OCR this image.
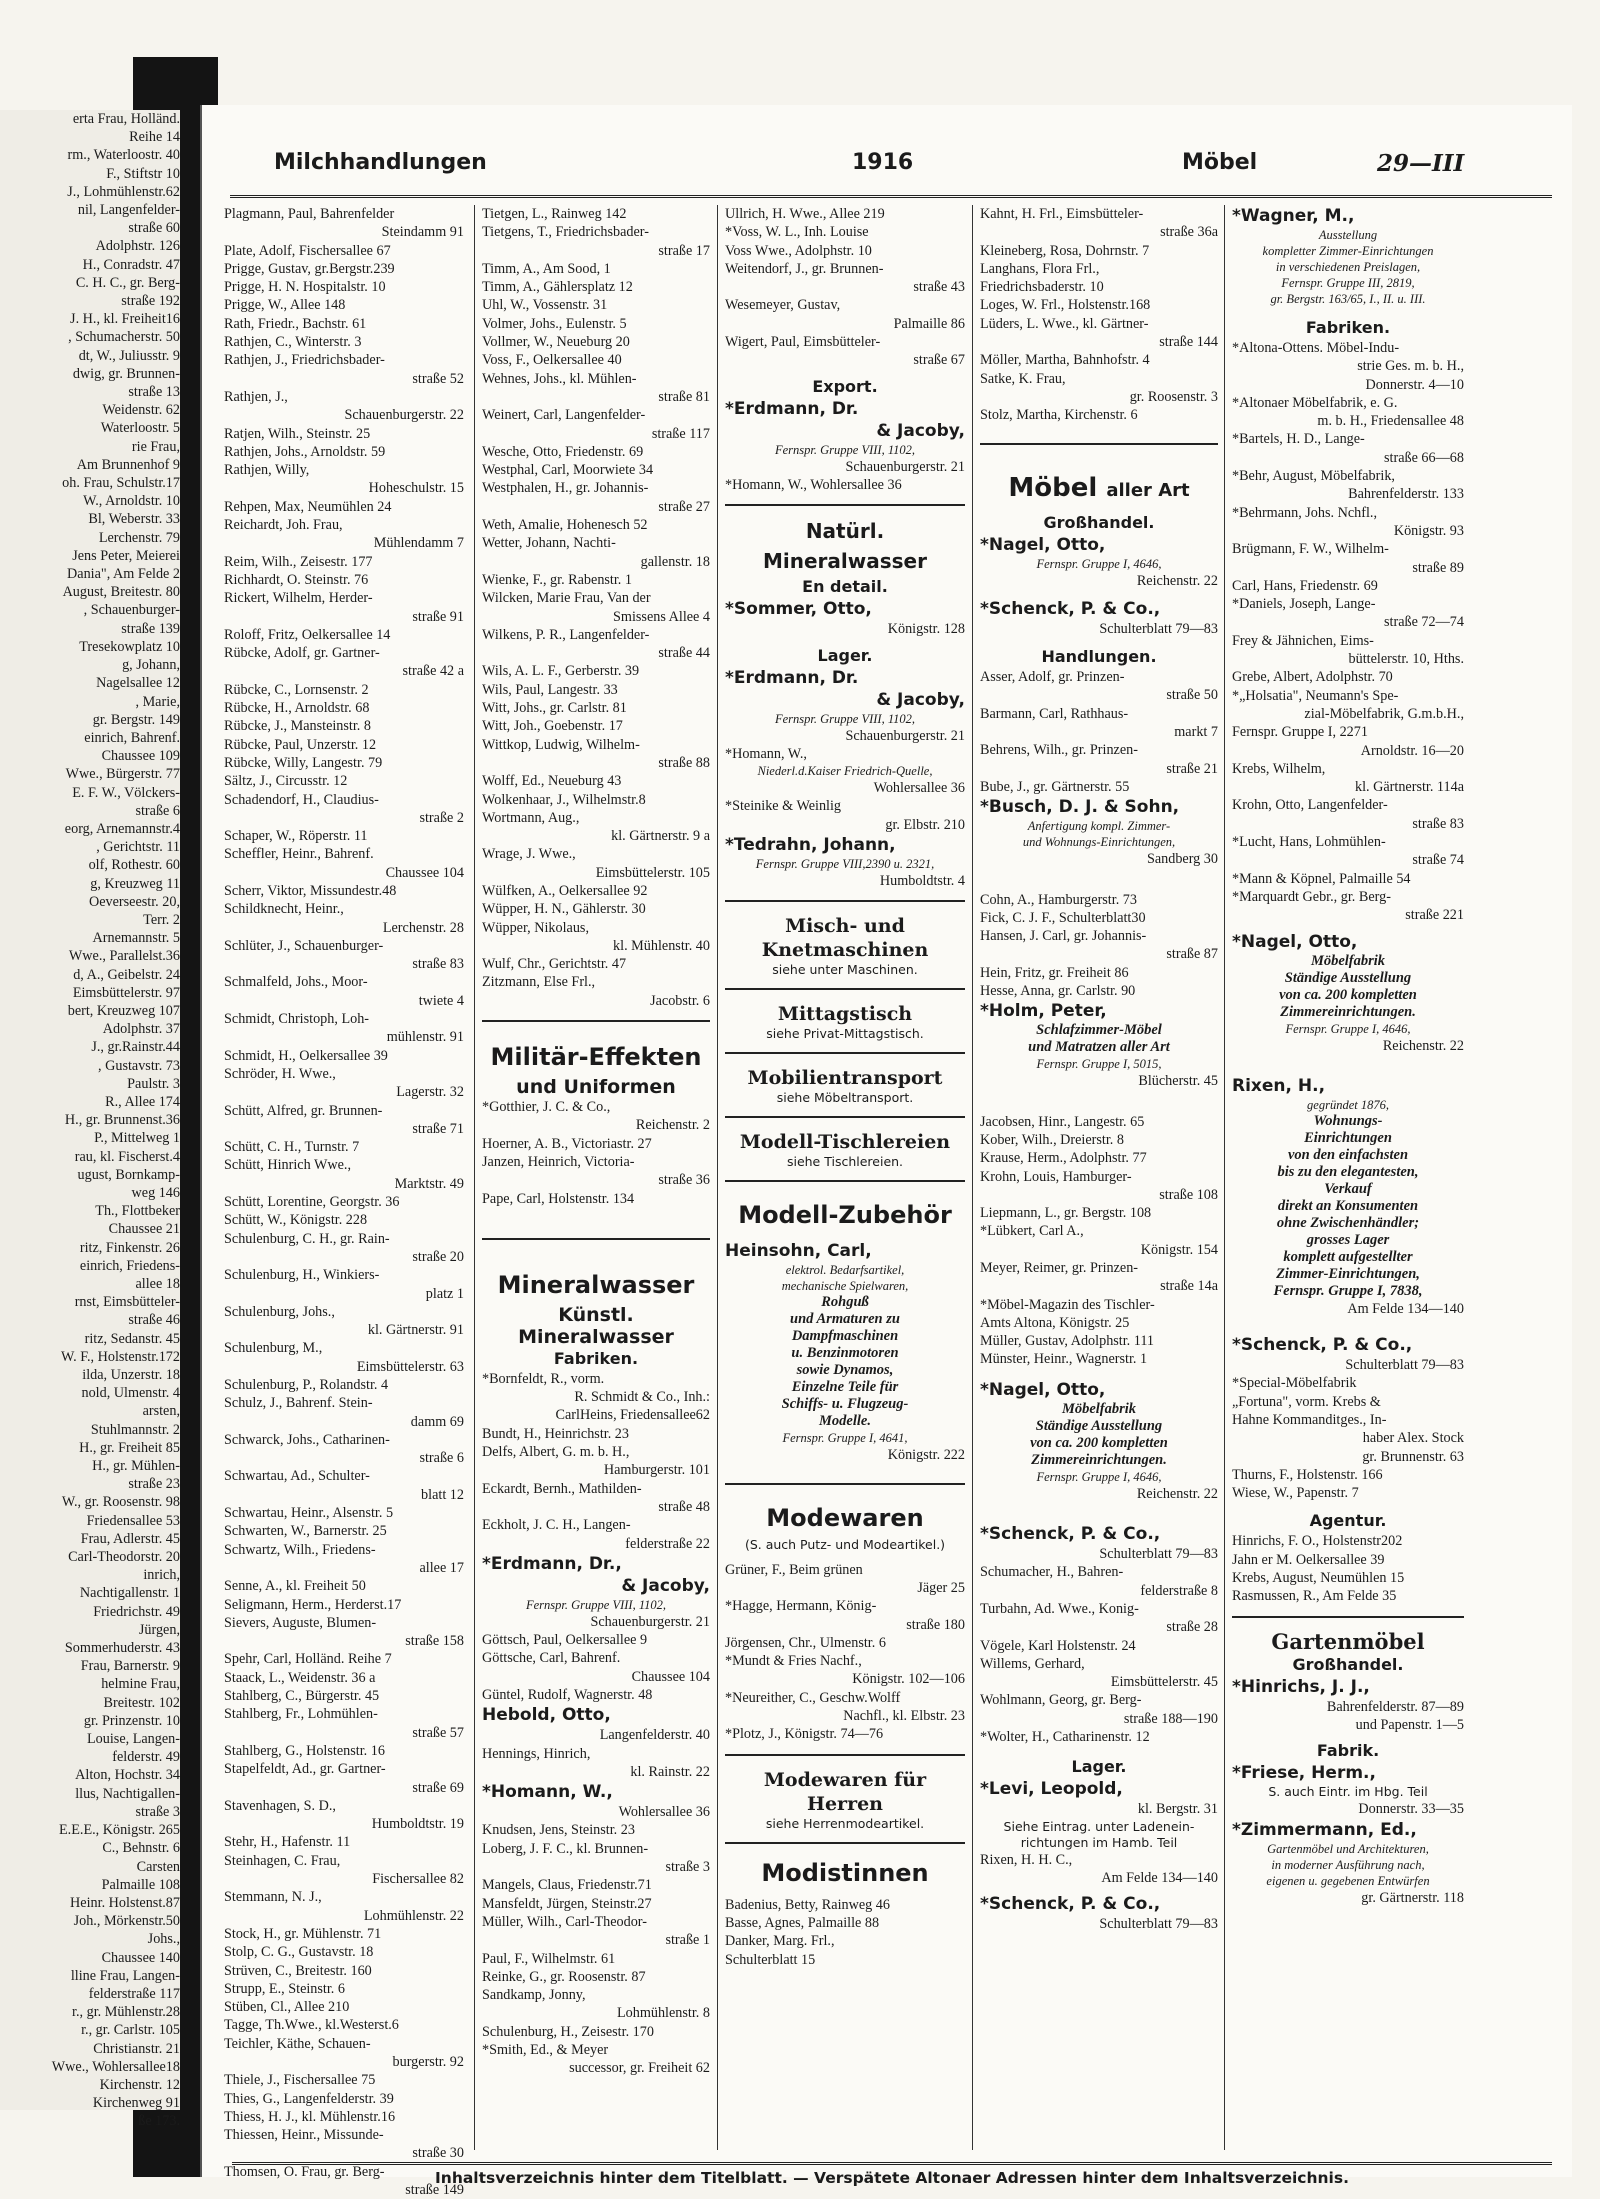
erta Frau, Holländ.
Reihe 14
rm., Waterloostr. 40
F., Stiftstr 10
J., Lohmühlenstr.62
nil, Langenfelder-
straße 60
Adolphstr. 126
H., Conradstr. 47
C. H. C., gr. Berg-
straße 192
J. H., kl. Freiheit16
, Schumacherstr. 50
dt, W., Juliusstr. 9
dwig, gr. Brunnen-
straße 13
Weidenstr. 62
Waterloostr. 5
rie Frau,
Am Brunnenhof 9
oh. Frau, Schulstr.17
W., Arnoldstr. 10
Bl, Weberstr. 33
Lerchenstr. 79
Jens Peter, Meierei
Dania", Am Felde 2
August, Breitestr. 80
, Schauenburger-
straße 139
Tresekowplatz 10
g, Johann,
Nagelsallee 12
, Marie,
gr. Bergstr. 149
einrich, Bahrenf.
Chaussee 109
Wwe., Bürgerstr. 77
E. F. W., Völckers-
straße 6
eorg, Arnemannstr.4
, Gerichtstr. 11
olf, Rothestr. 60
g, Kreuzweg 11
Oeverseestr. 20,
Terr. 2
Arnemannstr. 5
Wwe., Parallelst.36
d, A., Geibelstr. 24
Eimsbüttelerstr. 97
bert, Kreuzweg 107
Adolphstr. 37
J., gr.Rainstr.44
, Gustavstr. 73
Paulstr. 3
R., Allee 174
H., gr. Brunnenst.36
P., Mittelweg 1
rau, kl. Fischerst.4
ugust, Bornkamp-
weg 146
Th., Flottbeker
Chaussee 21
ritz, Finkenstr. 26
einrich, Friedens-
allee 18
rnst, Eimsbütteler-
straße 46
ritz, Sedanstr. 45
W. F., Holstenstr.172
ilda, Unzerstr. 18
nold, Ulmenstr. 4
arsten,
Stuhlmannstr. 2
H., gr. Freiheit 85
H., gr. Mühlen-
straße 23
W., gr. Roosenstr. 98
Friedensallee 53
Frau, Adlerstr. 45
Carl-Theodorstr. 20
inrich,
Nachtigallenstr. 1
Friedrichstr. 49
Jürgen,
Sommerhuderstr. 43
Frau, Barnerstr. 9
helmine Frau,
Breitestr. 102
gr. Prinzenstr. 10
Louise, Langen-
felderstr. 49
Alton, Hochstr. 34
llus, Nachtigallen-
straße 3
E.E.E., Königstr. 265
C., Behnstr. 6
Carsten
Palmaille 108
Heinr. Holstenst.87
Joh., Mörkenstr.50
Johs.,
Chaussee 140
lline Frau, Langen-
felderstraße 117
r., gr. Mühlenstr.28
r., gr. Carlstr. 105
Christianstr. 21
Wwe., Wohlersallee18
Kirchenstr. 12
Kirchenweg 91
ße 173.
Milchhandlungen	1916	Möbel	29—III
Plagmann, Paul, Bahrenfelder
Steindamm 91
Plate, Adolf, Fischersallee 67
Prigge, Gustav, gr.Bergstr.239
Prigge, H. N. Hospitalstr. 10
Prigge, W., Allee 148
Rath, Friedr., Bachstr. 61
Rathjen, C., Winterstr. 3
Rathjen, J., Friedrichsbader-
straße 52
Rathjen, J.,
Schauenburgerstr. 22
Ratjen, Wilh., Steinstr. 25
Rathjen, Johs., Arnoldstr. 59
Rathjen, Willy,
Hoheschulstr. 15
Rehpen, Max, Neumühlen 24
Reichardt, Joh. Frau,
Mühlendamm 7
Reim, Wilh., Zeisestr. 177
Richhardt, O. Steinstr. 76
Rickert, Wilhelm, Herder-
straße 91
Roloff, Fritz, Oelkersallee 14
Rübcke, Adolf, gr. Gartner-
straße 42 a
Rübcke, C., Lornsenstr. 2
Rübcke, H., Arnoldstr. 68
Rübcke, J., Mansteinstr. 8
Rübcke, Paul, Unzerstr. 12
Rübcke, Willy, Langestr. 79
Sältz, J., Circusstr. 12
Schadendorf, H., Claudius-
straße 2
Schaper, W., Röperstr. 11
Scheffler, Heinr., Bahrenf.
Chaussee 104
Scherr, Viktor, Missundestr.48
Schildknecht, Heinr.,
Lerchenstr. 28
Schlüter, J., Schauenburger-
straße 83
Schmalfeld, Johs., Moor-
twiete 4
Schmidt, Christoph, Loh-
mühlenstr. 91
Schmidt, H., Oelkersallee 39
Schröder, H. Wwe.,
Lagerstr. 32
Schütt, Alfred, gr. Brunnen-
straße 71
Schütt, C. H., Turnstr. 7
Schütt, Hinrich Wwe.,
Marktstr. 49
Schütt, Lorentine, Georgstr. 36
Schütt, W., Königstr. 228
Schulenburg, C. H., gr. Rain-
straße 20
Schulenburg, H., Winkiers-
platz 1
Schulenburg, Johs.,
kl. Gärtnerstr. 91
Schulenburg, M.,
Eimsbüttelerstr. 63
Schulenburg, P., Rolandstr. 4
Schulz, J., Bahrenf. Stein-
damm 69
Schwarck, Johs., Catharinen-
straße 6
Schwartau, Ad., Schulter-
blatt 12
Schwartau, Heinr., Alsenstr. 5
Schwarten, W., Barnerstr. 25
Schwartz, Wilh., Friedens-
allee 17
Senne, A., kl. Freiheit 50
Seligmann, Herm., Herderst.17
Sievers, Auguste, Blumen-
straße 158
Spehr, Carl, Holländ. Reihe 7
Staack, L., Weidenstr. 36 a
Stahlberg, C., Bürgerstr. 45
Stahlberg, Fr., Lohmühlen-
straße 57
Stahlberg, G., Holstenstr. 16
Stapelfeldt, Ad., gr. Gartner-
straße 69
Stavenhagen, S. D.,
Humboldtstr. 19
Stehr, H., Hafenstr. 11
Steinhagen, C. Frau,
Fischersallee 82
Stemmann, N. J.,
Lohmühlenstr. 22
Stock, H., gr. Mühlenstr. 71
Stolp, C. G., Gustavstr. 18
Strüven, C., Breitestr. 160
Strupp, E., Steinstr. 6
Stüben, Cl., Allee 210
Tagge, Th.Wwe., kl.Westerst.6
Teichler, Käthe, Schauen-
burgerstr. 92
Thiele, J., Fischersallee 75
Thies, G., Langenfelderstr. 39
Thiess, H. J., kl. Mühlenstr.16
Thiessen, Heinr., Missunde-
straße 30
Thomsen, O. Frau, gr. Berg-
straße 149
Tietgen, L., Rainweg 142
Tietgens, T., Friedrichsbader-
straße 17
Timm, A., Am Sood, 1
Timm, A., Gählersplatz 12
Uhl, W., Vossenstr. 31
Volmer, Johs., Eulenstr. 5
Vollmer, W., Neueburg 20
Voss, F., Oelkersallee 40
Wehnes, Johs., kl. Mühlen-
straße 81
Weinert, Carl, Langenfelder-
straße 117
Wesche, Otto, Friedenstr. 69
Westphal, Carl, Moorwiete 34
Westphalen, H., gr. Johannis-
straße 27
Weth, Amalie, Hohenesch 52
Wetter, Johann, Nachti-
gallenstr. 18
Wienke, F., gr. Rabenstr. 1
Wilcken, Marie Frau, Van der
Smissens Allee 4
Wilkens, P. R., Langenfelder-
straße 44
Wils, A. L. F., Gerberstr. 39
Wils, Paul, Langestr. 33
Witt, Johs., gr. Carlstr. 81
Witt, Joh., Goebenstr. 17
Wittkop, Ludwig, Wilhelm-
straße 88
Wolff, Ed., Neueburg 43
Wolkenhaar, J., Wilhelmstr.8
Wortmann, Aug.,
kl. Gärtnerstr. 9 a
Wrage, J. Wwe.,
Eimsbüttelerstr. 105
Wülfken, A., Oelkersallee 92
Wüpper, H. N., Gählerstr. 30
Wüpper, Nikolaus,
kl. Mühlenstr. 40
Wulf, Chr., Gerichtstr. 47
Zitzmann, Else Frl.,
Jacobstr. 6
Militär-Effekten
und Uniformen
*Gotthier, J. C. & Co.,
Reichenstr. 2
Hoerner, A. B., Victoriastr. 27
Janzen, Heinrich, Victoria-
straße 36
Pape, Carl, Holstenstr. 134
Mineralwasser
Künstl. Mineralwasser
Fabriken.
*Bornfeldt, R., vorm.
R. Schmidt & Co., Inh.:
CarlHeins, Friedensallee62
Bundt, H., Heinrichstr. 23
Delfs, Albert, G. m. b. H.,
Hamburgerstr. 101
Eckardt, Bernh., Mathilden-
straße 48
Eckholt, J. C. H., Langen-
felderstraße 22
*Erdmann, Dr.,
& Jacoby,
Fernspr. Gruppe VIII, 1102,
Schauenburgerstr. 21
Göttsch, Paul, Oelkersallee 9
Göttsche, Carl, Bahrenf.
Chaussee 104
Güntel, Rudolf, Wagnerstr. 48
Hebold, Otto,
Langenfelderstr. 40
Hennings, Hinrich,
kl. Rainstr. 22
*Homann, W.,
Wohlersallee 36
Knudsen, Jens, Steinstr. 23
Loberg, J. F. C., kl. Brunnen-
straße 3
Mangels, Claus, Friedenstr.71
Mansfeldt, Jürgen, Steinstr.27
Müller, Wilh., Carl-Theodor-
straße 1
Paul, F., Wilhelmstr. 61
Reinke, G., gr. Roosenstr. 87
Sandkamp, Jonny,
Lohmühlenstr. 8
Schulenburg, H., Zeisestr. 170
*Smith, Ed., & Meyer
successor, gr. Freiheit 62
Ullrich, H. Wwe., Allee 219
*Voss, W. L., Inh. Louise
Voss Wwe., Adolphstr. 10
Weitendorf, J., gr. Brunnen-
straße 43
Wesemeyer, Gustav,
Palmaille 86
Wigert, Paul, Eimsbütteler-
straße 67
Export.
*Erdmann, Dr.
& Jacoby,
Fernspr. Gruppe VIII, 1102,
Schauenburgerstr. 21
*Homann, W., Wohlersallee 36
Natürl. Mineralwasser
En detail.
*Sommer, Otto,
Königstr. 128
Lager.
*Erdmann, Dr.
& Jacoby,
Fernspr. Gruppe VIII, 1102,
Schauenburgerstr. 21
*Homann, W.,
Niederl.d.Kaiser Friedrich-Quelle,
Wohlersallee 36
*Steinike & Weinlig
gr. Elbstr. 210
*Tedrahn, Johann,
Fernspr. Gruppe VIII,2390 u. 2321,
Humboldtstr. 4
Misch- und Knetmaschinen
siehe unter Maschinen.
Mittagstisch
siehe Privat-Mittagstisch.
Mobilientransport
siehe Möbeltransport.
Modell-Tischlereien
siehe Tischlereien.
Modell-Zubehör
Heinsohn, Carl,
elektrol. Bedarfsartikel,
mechanische Spielwaren,
Rohguß
und Armaturen zu
Dampfmaschinen
u. Benzinmotoren
sowie Dynamos,
Einzelne Teile für
Schiffs- u. Flugzeug-
Modelle.
Fernspr. Gruppe I, 4641,
Königstr. 222
Modewaren
(S. auch Putz- und Modeartikel.)
Grüner, F., Beim grünen
Jäger 25
*Hagge, Hermann, König-
straße 180
Jörgensen, Chr., Ulmenstr. 6
*Mundt & Fries Nachf.,
Königstr. 102—106
*Neureither, C., Geschw.Wolff
Nachfl., kl. Elbstr. 23
*Plotz, J., Königstr. 74—76
Modewaren für Herren
siehe Herrenmodeartikel.
Modistinnen
Badenius, Betty, Rainweg 46
Basse, Agnes, Palmaille 88
Danker, Marg. Frl.,
Schulterblatt 15
Kahnt, H. Frl., Eimsbütteler-
straße 36a
Kleineberg, Rosa, Dohrnstr. 7
Langhans, Flora Frl.,
Friedrichsbaderstr. 10
Loges, W. Frl., Holstenstr.168
Lüders, L. Wwe., kl. Gärtner-
straße 144
Möller, Martha, Bahnhofstr. 4
Satke, K. Frau,
gr. Roosenstr. 3
Stolz, Martha, Kirchenstr. 6
Möbel aller Art
Großhandel.
*Nagel, Otto,
Fernspr. Gruppe I, 4646,
Reichenstr. 22
*Schenck, P. & Co.,
Schulterblatt 79—83
Handlungen.
Asser, Adolf, gr. Prinzen-
straße 50
Barmann, Carl, Rathhaus-
markt 7
Behrens, Wilh., gr. Prinzen-
straße 21
Bube, J., gr. Gärtnerstr. 55
*Busch, D. J. & Sohn,
Anfertigung kompl. Zimmer-
und Wohnungs-Einrichtungen,
Sandberg 30
Cohn, A., Hamburgerstr. 73
Fick, C. J. F., Schulterblatt30
Hansen, J. Carl, gr. Johannis-
straße 87
Hein, Fritz, gr. Freiheit 86
Hesse, Anna, gr. Carlstr. 90
*Holm, Peter,
Schlafzimmer-Möbel
und Matratzen aller Art
Fernspr. Gruppe I, 5015,
Blücherstr. 45
Jacobsen, Hinr., Langestr. 65
Kober, Wilh., Dreierstr. 8
Krause, Herm., Adolphstr. 77
Krohn, Louis, Hamburger-
straße 108
Liepmann, L., gr. Bergstr. 108
*Lübkert, Carl A.,
Königstr. 154
Meyer, Reimer, gr. Prinzen-
straße 14a
*Möbel-Magazin des Tischler-
Amts Altona, Königstr. 25
Müller, Gustav, Adolphstr. 111
Münster, Heinr., Wagnerstr. 1
*Nagel, Otto,
Möbelfabrik
Ständige Ausstellung
von ca. 200 kompletten
Zimmereinrichtungen.
Fernspr. Gruppe I, 4646,
Reichenstr. 22
*Schenck, P. & Co.,
Schulterblatt 79—83
Schumacher, H., Bahren-
felderstraße 8
Turbahn, Ad. Wwe., Konig-
straße 28
Vögele, Karl Holstenstr. 24
Willems, Gerhard,
Eimsbüttelerstr. 45
Wohlmann, Georg, gr. Berg-
straße 188—190
*Wolter, H., Catharinenstr. 12
Lager.
*Levi, Leopold,
kl. Bergstr. 31
Siehe Eintrag. unter Ladenein-
richtungen im Hamb. Teil
Rixen, H. H. C.,
Am Felde 134—140
*Schenck, P. & Co.,
Schulterblatt 79—83
*Wagner, M.,
Ausstellung
kompletter Zimmer-Einrichtungen
in verschiedenen Preislagen,
Fernspr. Gruppe III, 2819,
gr. Bergstr. 163/65, I., II. u. III.
Fabriken.
*Altona-Ottens. Möbel-Indu-
strie Ges. m. b. H.,
Donnerstr. 4—10
*Altonaer Möbelfabrik, e. G.
m. b. H., Friedensallee 48
*Bartels, H. D., Lange-
straße 66—68
*Behr, August, Möbelfabrik,
Bahrenfelderstr. 133
*Behrmann, Johs. Nchfl.,
Königstr. 93
Brügmann, F. W., Wilhelm-
straße 89
Carl, Hans, Friedenstr. 69
*Daniels, Joseph, Lange-
straße 72—74
Frey & Jähnichen, Eims-
büttelerstr. 10, Hths.
Grebe, Albert, Adolphstr. 70
*„Holsatia", Neumann's Spe-
zial-Möbelfabrik, G.m.b.H.,
Fernspr. Gruppe I, 2271
Arnoldstr. 16—20
Krebs, Wilhelm,
kl. Gärtnerstr. 114a
Krohn, Otto, Langenfelder-
straße 83
*Lucht, Hans, Lohmühlen-
straße 74
*Mann & Köpnel, Palmaille 54
*Marquardt Gebr., gr. Berg-
straße 221
*Nagel, Otto,
Möbelfabrik
Ständige Ausstellung
von ca. 200 kompletten
Zimmereinrichtungen.
Fernspr. Gruppe I, 4646,
Reichenstr. 22
Rixen, H.,
gegründet 1876,
Wohnungs-
Einrichtungen
von den einfachsten
bis zu den elegantesten,
Verkauf
direkt an Konsumenten
ohne Zwischenhändler;
grosses Lager
komplett aufgestellter
Zimmer-Einrichtungen,
Fernspr. Gruppe I, 7838,
Am Felde 134—140
*Schenck, P. & Co.,
Schulterblatt 79—83
*Special-Möbelfabrik
„Fortuna", vorm. Krebs &
Hahne Kommanditges., In-
haber Alex. Stock
gr. Brunnenstr. 63
Thurns, F., Holstenstr. 166
Wiese, W., Papenstr. 7
Agentur.
Hinrichs, F. O., Holstenstr202
Jahn er M. Oelkersallee 39
Krebs, August, Neumühlen 15
Rasmussen, R., Am Felde 35
Gartenmöbel
Großhandel.
*Hinrichs, J. J.,
Bahrenfelderstr. 87—89
und Papenstr. 1—5
Fabrik.
*Friese, Herm.,
S. auch Eintr. im Hbg. Teil
Donnerstr. 33—35
*Zimmermann, Ed.,
Gartenmöbel und Architekturen,
in moderner Ausführung nach,
eigenen u. gegebenen Entwürfen
gr. Gärtnerstr. 118
Inhaltsverzeichnis hinter dem Titelblatt. — Verspätete Altonaer Adressen hinter dem Inhaltsverzeichnis.
